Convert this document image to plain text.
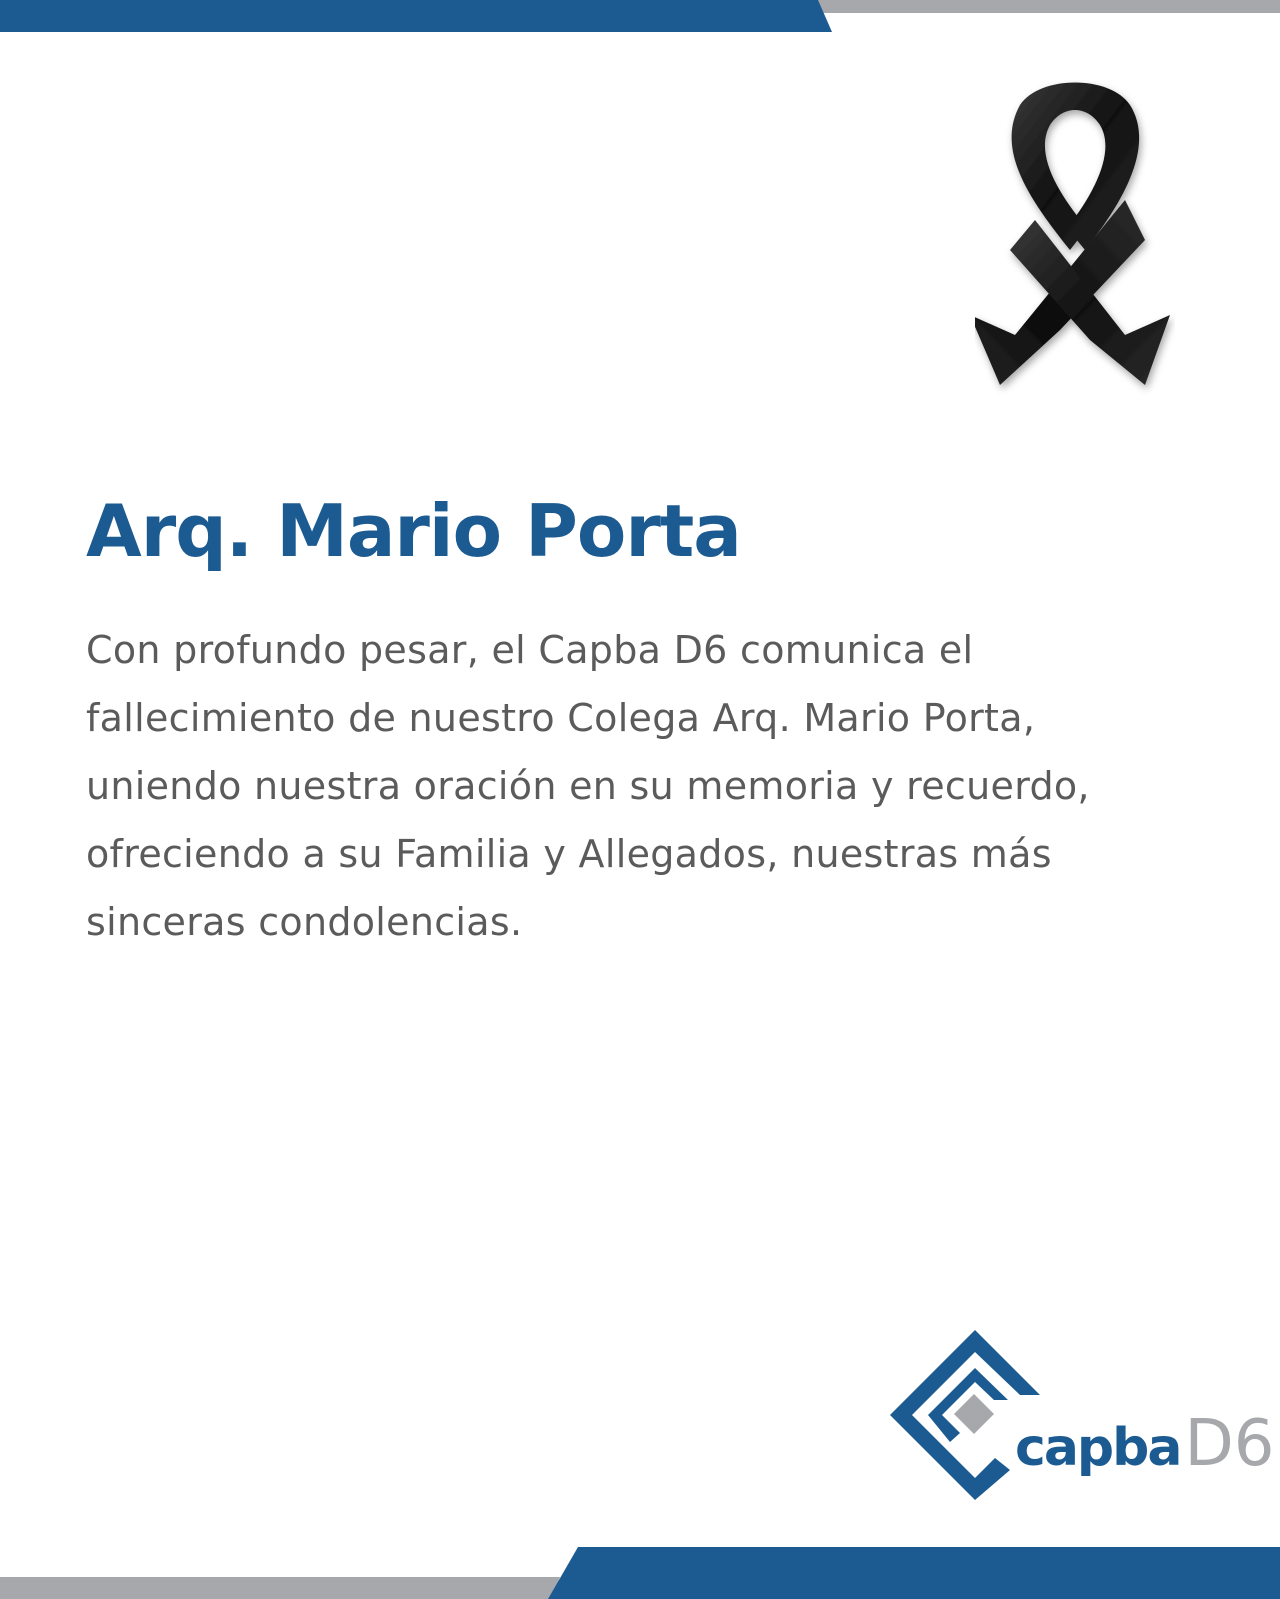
Arq. Mario Porta

Con profundo pesar, el Capba D6 comunica el
fallecimiento de nuestro Colega Arq. Mario Porta,
uniendo nuestra oración en su memoria y recuerdo,
ofreciendo a su Familia y Allegados, nuestras más
sinceras condolencias.

capbaD6
